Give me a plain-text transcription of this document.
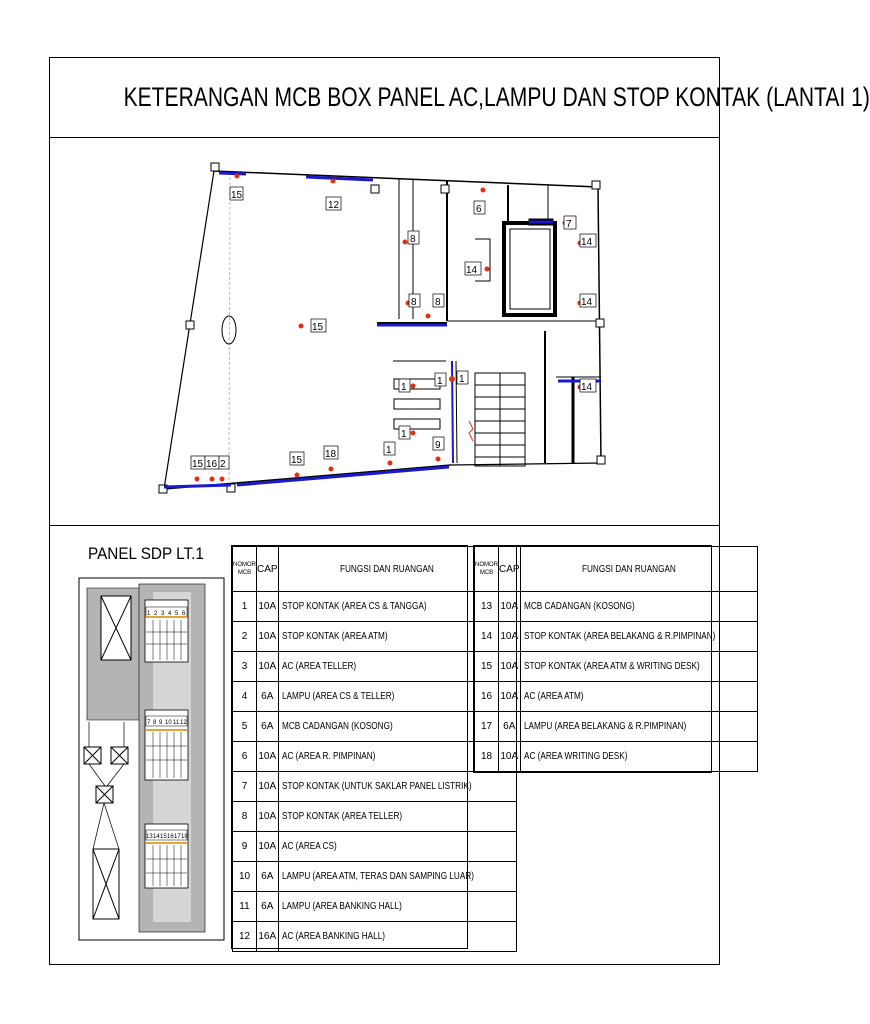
KETERANGAN MCB BOX PANEL AC,LAMPU DAN STOP KONTAK (LANTAI 1)
15
12	6
7
14
8
14
14
8 8
15
1
1 1
1
1	9
14
15 16 2	15
18
PANEL SDP LT.1
1 2 3 4 5 6
7 8 9 10 11 12
13 14 15 16 17 18
NOMOR MCB	CAP	FUNGSI DAN RUANGAN
1	10A	STOP KONTAK (AREA CS & TANGGA)
2	10A	STOP KONTAK (AREA ATM)
3	10A	AC (AREA TELLER)
4	6A	LAMPU (AREA CS & TELLER)
5	6A	MCB CADANGAN (KOSONG)
6	10A	AC (AREA R. PIMPINAN)
7	10A	STOP KONTAK (UNTUK SAKLAR PANEL LISTRIK)
8	10A	STOP KONTAK (AREA TELLER)
9	10A	AC (AREA CS)
10	6A	LAMPU (AREA ATM, TERAS DAN SAMPING LUAR)
11	6A	LAMPU (AREA BANKING HALL)
12	16A	AC (AREA BANKING HALL)
NOMOR MCB	CAP	FUNGSI DAN RUANGAN
13	10A	MCB CADANGAN (KOSONG)
14	10A	STOP KONTAK (AREA BELAKANG & R.PIMPINAN)
15	10A	STOP KONTAK (AREA ATM & WRITING DESK)
16	10A	AC (AREA ATM)
17	6A	LAMPU (AREA BELAKANG & R.PIMPINAN)
18	10A	AC (AREA WRITING DESK)
